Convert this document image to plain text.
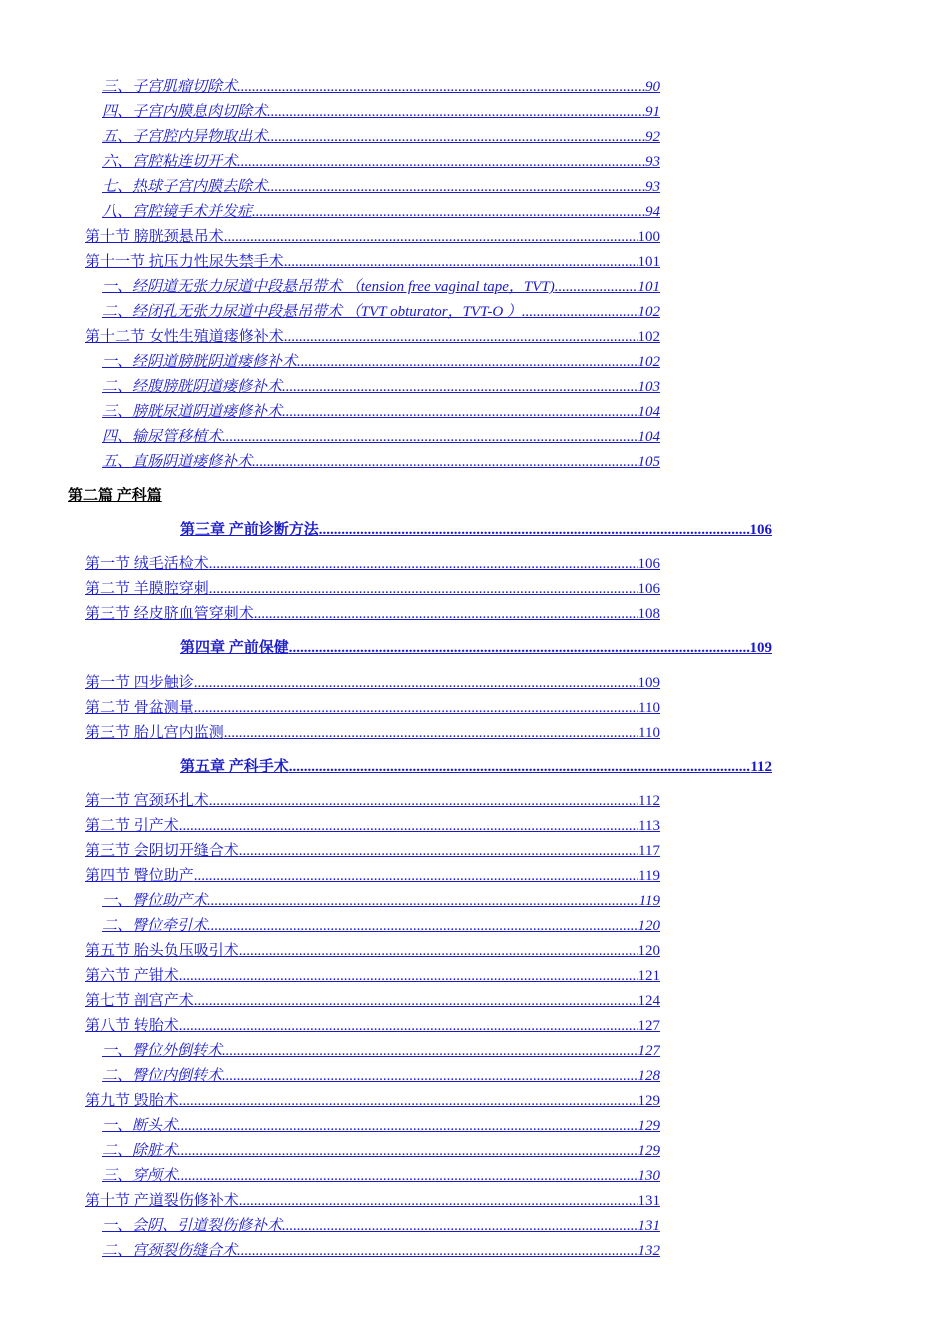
三、子宫肌瘤切除术 .....	90
四、子宫内膜息肉切除术 .....	91
五、子宫腔内异物取出术 .....	92
六、宫腔粘连切开术 .....	93
七、热球子宫内膜去除术 .....	93
八、宫腔镜手术并发症 .....	94
第十节 膀胱颈悬吊术 .....	100
第十一节 抗压力性尿失禁手术 .....	101
一、经阴道无张力尿道中段悬吊带术 （tension free vaginal tape，TVT) .....	101
二、经闭孔无张力尿道中段悬吊带术 （TVT obturator，TVT-O ） .....	102
第十二节 女性生殖道瘘修补术 .....	102
一、经阴道膀胱阴道瘘修补术 .....	102
二、经腹膀胱阴道瘘修补术 .....	103
三、膀胱尿道阴道瘘修补术 .....	104
四、输尿管移植术 .....	104
五、直肠阴道瘘修补术 .....	105
第二篇 产科篇
第三章 产前诊断方法 .....	106
第一节 绒毛活检术 .....	106
第二节 羊膜腔穿刺 .....	106
第三节 经皮脐血管穿刺术 .....	108
第四章 产前保健 .....	109
第一节 四步触诊 .....	109
第二节 骨盆测量 .....	110
第三节 胎儿宫内监测 .....	110
第五章 产科手术 .....	112
第一节 宫颈环扎术 .....	112
第二节 引产术 .....	113
第三节 会阴切开缝合术 .....	117
第四节 臀位助产 .....	119
一、臀位助产术 .....	119
二、臀位牵引术 .....	120
第五节 胎头负压吸引术 .....	120
第六节 产钳术 .....	121
第七节 剖宫产术 .....	124
第八节 转胎术 .....	127
一、臀位外倒转术 .....	127
二、臀位内倒转术 .....	128
第九节 毁胎术 .....	129
一、断头术 .....	129
二、除脏术 .....	129
三、穿颅术 .....	130
第十节 产道裂伤修补术 .....	131
一、会阴、引道裂伤修补术 .....	131
二、宫颈裂伤缝合术 .....	132
